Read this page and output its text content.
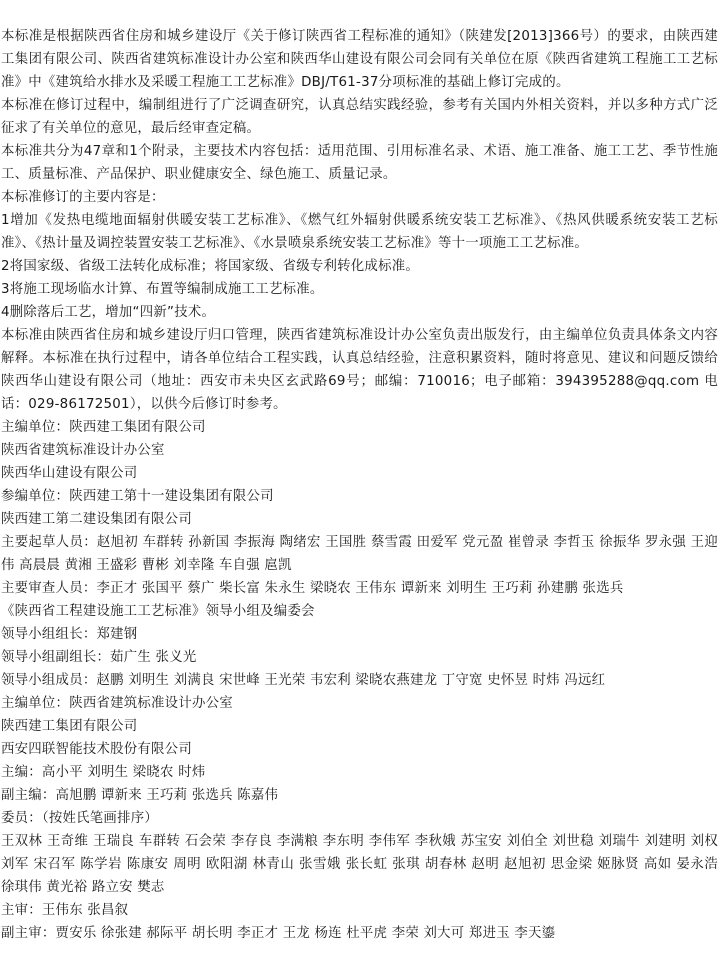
本标准是根据陕西省住房和城乡建设厅《关于修订陕西省工程标准的通知》（陕建发[2013]366号）的要求，由陕西建工集团有限公司、陕西省建筑标准设计办公室和陕西华山建设有限公司会同有关单位在原《陕西省建筑工程施工工艺标准》中《建筑给水排水及采暖工程施工工艺标准》DBJ/T61-37分项标准的基础上修订完成的。

本标准在修订过程中，编制组进行了广泛调查研究，认真总结实践经验，参考有关国内外相关资料，并以多种方式广泛征求了有关单位的意见，最后经审查定稿。

本标准共分为47章和1个附录，主要技术内容包括：适用范围、引用标准名录、术语、施工准备、施工工艺、季节性施工、质量标准、产品保护、职业健康安全、绿色施工、质量记录。

本标准修订的主要内容是：

1增加《发热电缆地面辐射供暖安装工艺标准》、《燃气红外辐射供暖系统安装工艺标准》、《热风供暖系统安装工艺标准》、《热计量及调控装置安装工艺标准》、《水景喷泉系统安装工艺标准》等十一项施工工艺标准。

2将国家级、省级工法转化成标准；将国家级、省级专利转化成标准。

3将施工现场临水计算、布置等编制成施工工艺标准。

4删除落后工艺，增加“四新”技术。

本标准由陕西省住房和城乡建设厅归口管理，陕西省建筑标准设计办公室负责出版发行，由主编单位负责具体条文内容解释。本标准在执行过程中，请各单位结合工程实践，认真总结经验，注意积累资料，随时将意见、建议和问题反馈给陕西华山建设有限公司（地址：西安市未央区玄武路69号；邮编：710016；电子邮箱：394395288@qq.com 电话：029-86172501），以供今后修订时参考。

主编单位：陕西建工集团有限公司

陕西省建筑标准设计办公室

陕西华山建设有限公司

参编单位：陕西建工第十一建设集团有限公司

陕西建工第二建设集团有限公司

主要起草人员：赵旭初 车群转 孙新国 李振海 陶绪宏 王国胜 蔡雪霞 田爱军 党元盈 崔曾录 李哲玉 徐振华 罗永强 王迎伟 高晨晨 黄湘 王盛彩 曹彬 刘幸隆 车自强 扈凯

主要审查人员：李正才 张国平 蔡广 柴长富 朱永生 梁晓农 王伟东 谭新来 刘明生 王巧莉 孙建鹏 张选兵

《陕西省工程建设施工工艺标准》领导小组及编委会

领导小组组长：郑建钢

领导小组副组长：茹广生 张义光

领导小组成员：赵鹏 刘明生 刘满良 宋世峰 王光荣 韦宏利 梁晓农燕建龙 丁守宽 史怀昱 时炜 冯远红

主编单位：陕西省建筑标准设计办公室

陕西建工集团有限公司

西安四联智能技术股份有限公司

主编：高小平 刘明生 梁晓农 时炜

副主编：高旭鹏 谭新来 王巧莉 张选兵 陈嘉伟

委员：（按姓氏笔画排序）

王双林 王奇维 王瑞良 车群转 石会荣 李存良 李满粮 李东明 李伟军 李秋娥 苏宝安 刘伯全 刘世稳 刘瑞牛 刘建明 刘权 刘军 宋召军 陈学岩 陈康安 周明 欧阳湖 林青山 张雪娥 张长虹 张琪 胡春林 赵明 赵旭初 思金梁 姬脉贤 高如 晏永浩 徐琪伟 黄光裕 路立安 樊志

主审：王伟东 张昌叙

副主审：贾安乐 徐张建 郝际平 胡长明 李正才 王龙 杨连 杜平虎 李荣 刘大可 郑进玉 李天鎏
